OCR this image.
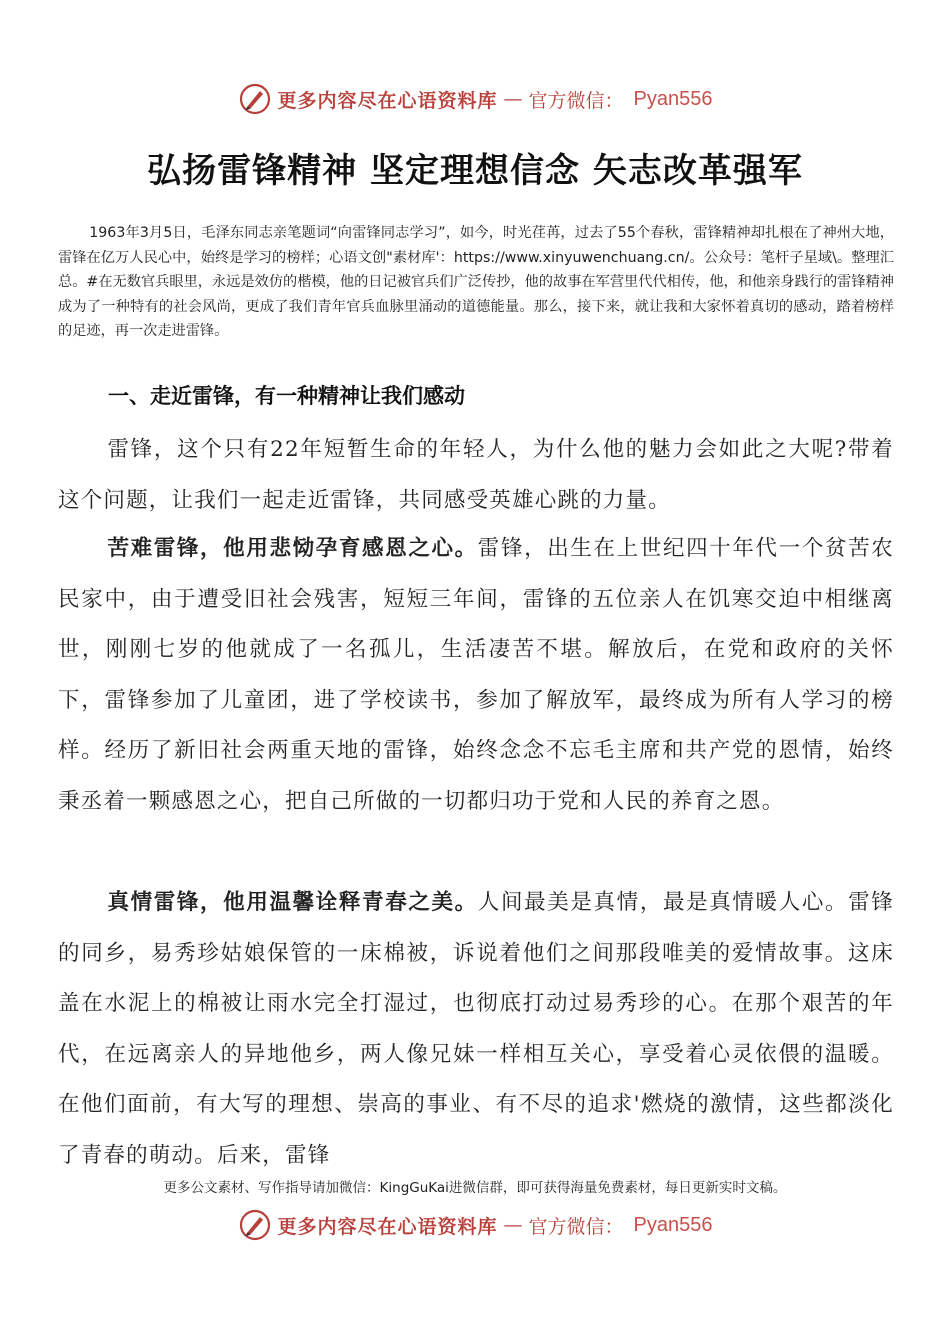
更多内容尽在心语资料库 — 官方微信： Pyan556
弘扬雷锋精神 坚定理想信念 矢志改革强军

1963年3月5日，毛泽东同志亲笔题词“向雷锋同志学习”，如今，时光荏苒，过去了55个春秋，雷锋精神却扎根在了神州大地，雷锋在亿万人民心中，始终是学习的榜样；心语文创"素材库'：https://www.xinyuwenchuang.cn/。公众号：笔杆子星域\。整理汇总。#在无数官兵眼里，永远是效仿的楷模，他的日记被官兵们广泛传抄，他的故事在军营里代代相传，他，和他亲身践行的雷锋精神成为了一种特有的社会风尚，更成了我们青年官兵血脉里涌动的道德能量。那么，接下来，就让我和大家怀着真切的感动，踏着榜样的足迹，再一次走进雷锋。

一、走近雷锋，有一种精神让我们感动

雷锋，这个只有22年短暂生命的年轻人，为什么他的魅力会如此之大呢?带着这个问题，让我们一起走近雷锋，共同感受英雄心跳的力量。

苦难雷锋，他用悲恸孕育感恩之心。雷锋，出生在上世纪四十年代一个贫苦农民家中，由于遭受旧社会残害，短短三年间，雷锋的五位亲人在饥寒交迫中相继离世，刚刚七岁的他就成了一名孤儿，生活凄苦不堪。解放后，在党和政府的关怀下，雷锋参加了儿童团，进了学校读书，参加了解放军，最终成为所有人学习的榜样。经历了新旧社会两重天地的雷锋，始终念念不忘毛主席和共产党的恩情，始终秉丞着一颗感恩之心，把自己所做的一切都归功于党和人民的养育之恩。

真情雷锋，他用温馨诠释青春之美。人间最美是真情，最是真情暖人心。雷锋的同乡，易秀珍姑娘保管的一床棉被，诉说着他们之间那段唯美的爱情故事。这床盖在水泥上的棉被让雨水完全打湿过，也彻底打动过易秀珍的心。在那个艰苦的年代，在远离亲人的异地他乡，两人像兄妹一样相互关心，享受着心灵依偎的温暖。在他们面前，有大写的理想、崇高的事业、有不尽的追求'燃烧的激情，这些都淡化了青春的萌动。后来，雷锋

更多公文素材、写作指导请加微信：KingGuKai进微信群，即可获得海量免费素材，每日更新实时文稿。
更多内容尽在心语资料库 — 官方微信： Pyan556
